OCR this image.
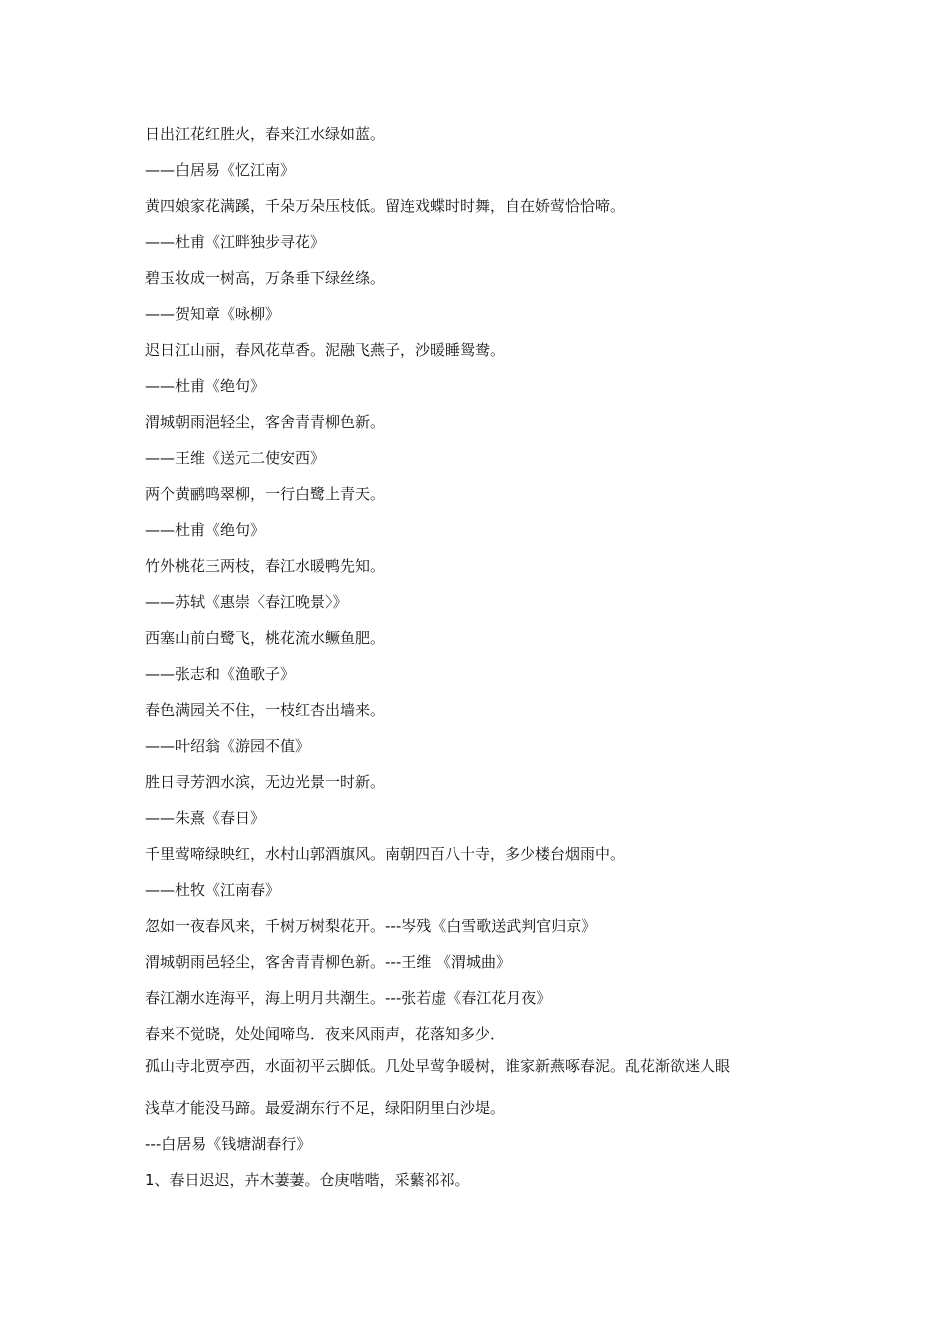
日出江花红胜火，春来江水绿如蓝。
——白居易《忆江南》
黄四娘家花满蹊，千朵万朵压枝低。留连戏蝶时时舞，自在娇莺恰恰啼。
——杜甫《江畔独步寻花》
碧玉妆成一树高，万条垂下绿丝绦。
——贺知章《咏柳》
迟日江山丽，春风花草香。泥融飞燕子，沙暖睡鸳鸯。
——杜甫《绝句》
渭城朝雨浥轻尘，客舍青青柳色新。
——王维《送元二使安西》
两个黄鹂鸣翠柳，一行白鹭上青天。
——杜甫《绝句》
竹外桃花三两枝，春江水暖鸭先知。
——苏轼《惠崇〈春江晚景〉》
西塞山前白鹭飞，桃花流水鳜鱼肥。
——张志和《渔歌子》
春色满园关不住，一枝红杏出墙来。
——叶绍翁《游园不值》
胜日寻芳泗水滨，无边光景一时新。
——朱熹《春日》
千里莺啼绿映红，水村山郭酒旗风。南朝四百八十寺，多少楼台烟雨中。
——杜牧《江南春》
忽如一夜春风来，千树万树梨花开。---岑残《白雪歌送武判官归京》
渭城朝雨邑轻尘，客舍青青柳色新。---王维 《渭城曲》
春江潮水连海平，海上明月共潮生。---张若虚《春江花月夜》
春来不觉晓，处处闻啼鸟．夜来风雨声，花落知多少．
孤山寺北贾亭西，水面初平云脚低。几处早莺争暖树，谁家新燕啄春泥。乱花渐欲迷人眼
浅草才能没马蹄。最爱湖东行不足，绿阳阴里白沙堤。
---白居易《钱塘湖春行》
1、春日迟迟，卉木萋萋。仓庚喈喈，采蘩祁祁。
